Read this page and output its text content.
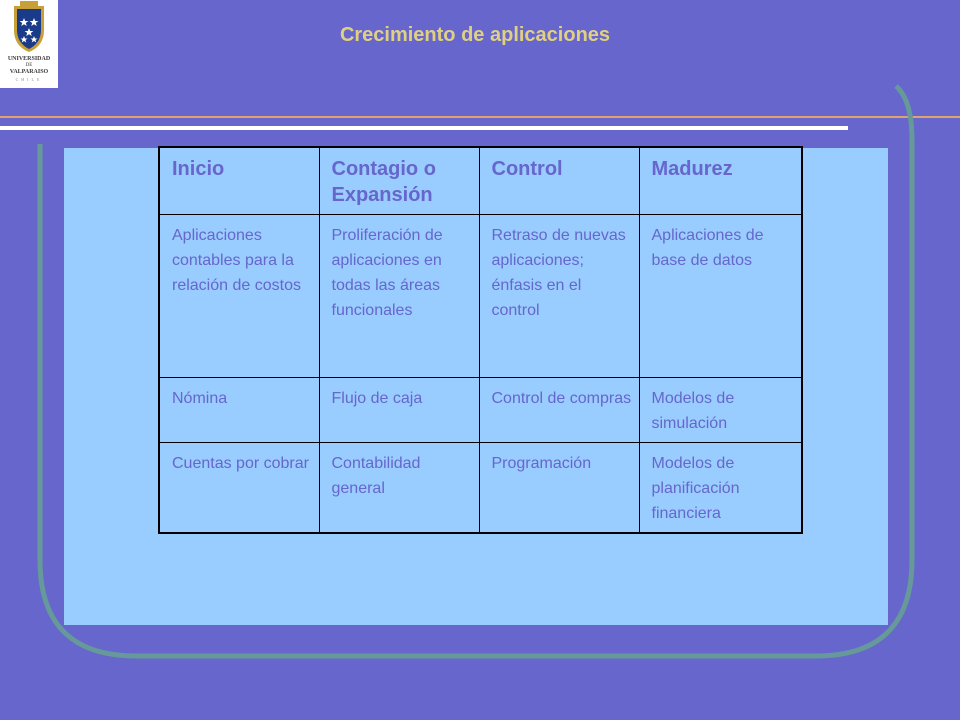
UNIVERSIDAD
DE
VALPARAISO
CHILE
Crecimiento de aplicaciones
Inicio	Contagio o Expansión	Control	Madurez
Aplicaciones contables para la relación de costos	Proliferación de aplicaciones en todas las áreas funcionales	Retraso de nuevas aplicaciones; énfasis en el control	Aplicaciones de base de datos
Nómina	Flujo de caja	Control de compras	Modelos de simulación
Cuentas por cobrar	Contabilidad general	Programación	Modelos de planificación financiera
